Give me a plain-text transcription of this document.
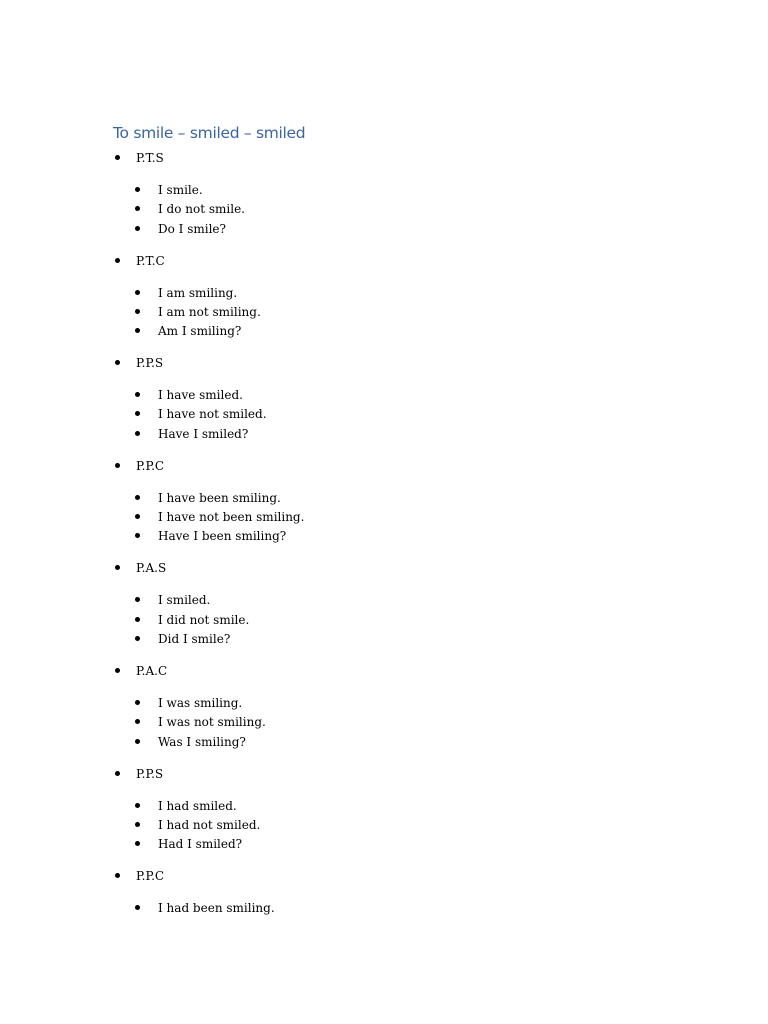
To smile – smiled – smiled
P.T.S
I smile.
I do not smile.
Do I smile?
P.T.C
I am smiling.
I am not smiling.
Am I smiling?
P.P.S
I have smiled.
I have not smiled.
Have I smiled?
P.P.C
I have been smiling.
I have not been smiling.
Have I been smiling?
P.A.S
I smiled.
I did not smile.
Did I smile?
P.A.C
I was smiling.
I was not smiling.
Was I smiling?
P.P.S
I had smiled.
I had not smiled.
Had I smiled?
P.P.C
I had been smiling.
